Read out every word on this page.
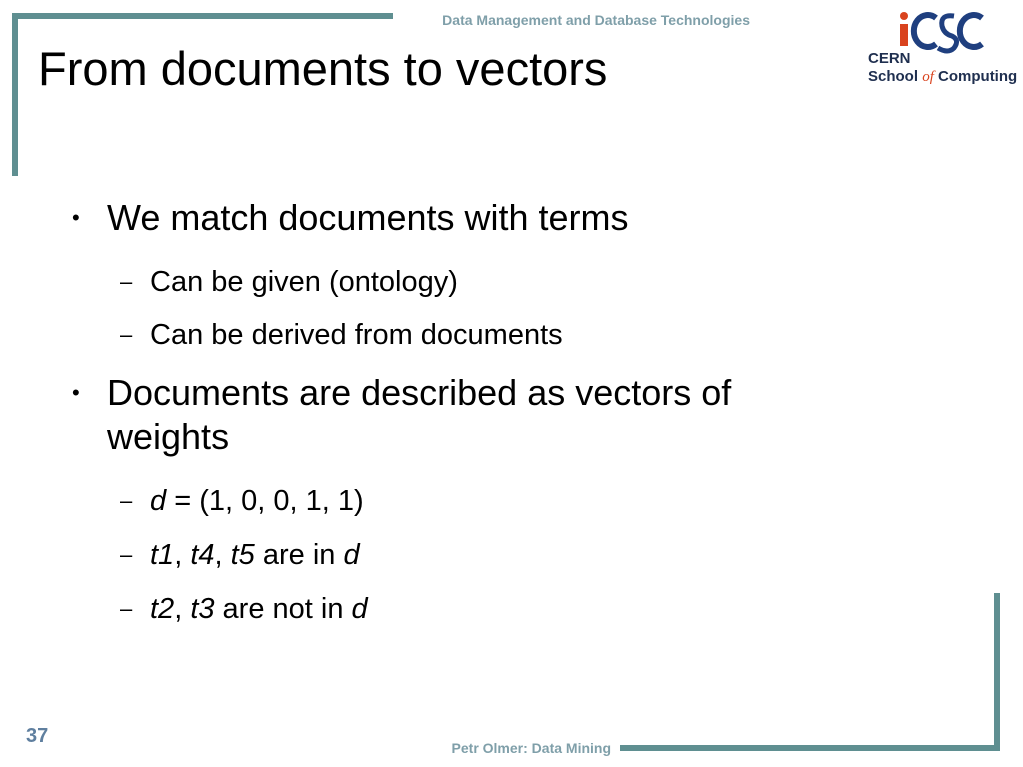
Data Management and Database Technologies
From documents to vectors	CERN
School of Computing
• We match documents with terms
– Can be given (ontology)
– Can be derived from documents
• Documents are described as vectors of
weights
– d = (1, 0, 0, 1, 1)
– t1, t4, t5 are in d
– t2, t3 are not in d
37
Petr Olmer: Data Mining
